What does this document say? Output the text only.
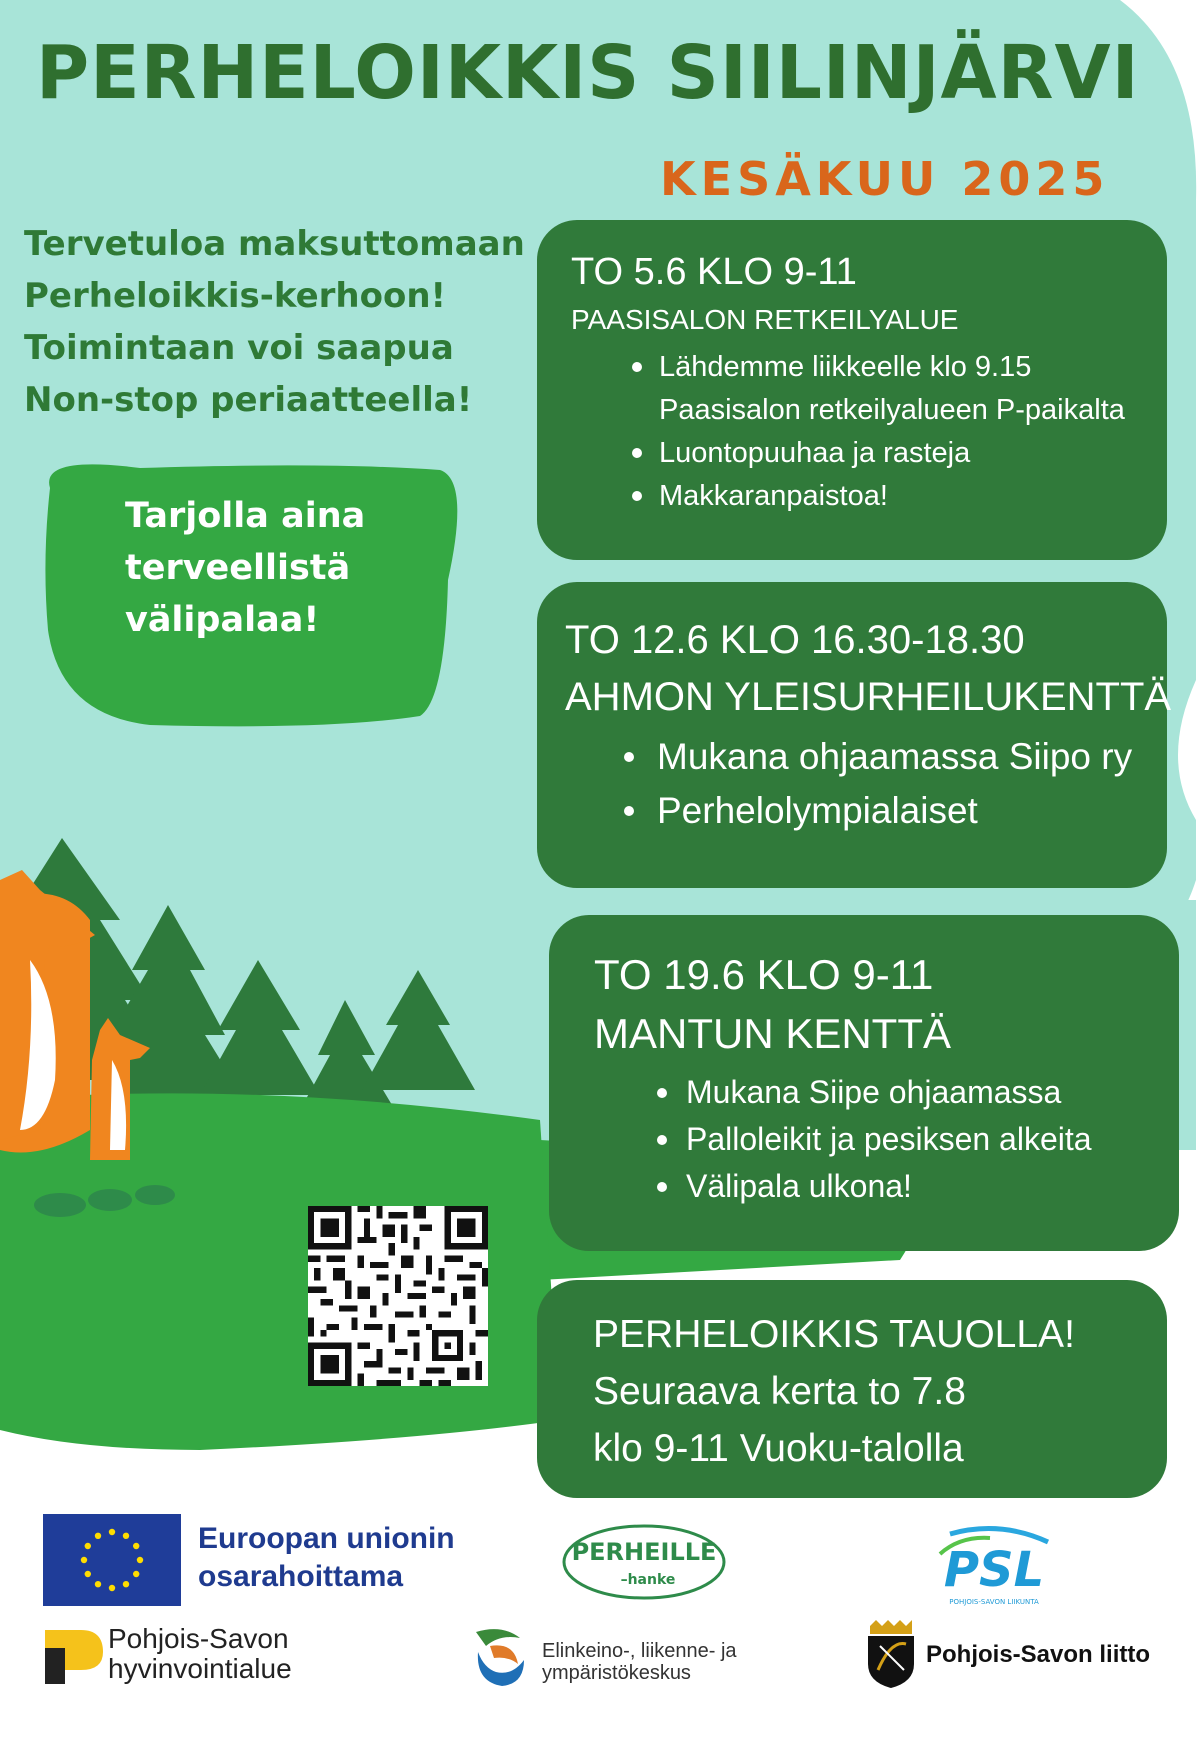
PERHELOIKKIS SIILINJÄRVI
KESÄKUU 2025
Tervetuloa maksuttomaan
Perheloikkis-kerhoon!
Toimintaan voi saapua
Non-stop periaatteella!
Tarjolla aina
terveellistä
välipalaa!
TO 5.6 KLO 9-11
PAASISALON RETKEILYALUE
Lähdemme liikkeelle klo 9.15
Paasisalon retkeilyalueen P-paikalta
Luontopuuhaa ja rasteja
Makkaranpaistoa!
TO 12.6 KLO 16.30-18.30
AHMON YLEISURHEILUKENTTÄ
Mukana ohjaamassa Siipo ry
Perhelolympialaiset
TO 19.6 KLO 9-11
MANTUN KENTTÄ
Mukana Siipe ohjaamassa
Palloleikit ja pesiksen alkeita
Välipala ulkona!
PERHELOIKKIS TAUOLLA!
Seuraava kerta to 7.8
klo 9-11 Vuoku-talolla
Euroopan unionin
osarahoittama
PERHEILLE
–hanke	PSL
POHJOIS-SAVON LIIKUNTA
Pohjois-Savon
hyvinvointialue
Elinkeino-, liikenne- ja
ympäristökeskus
Pohjois-Savon liitto
